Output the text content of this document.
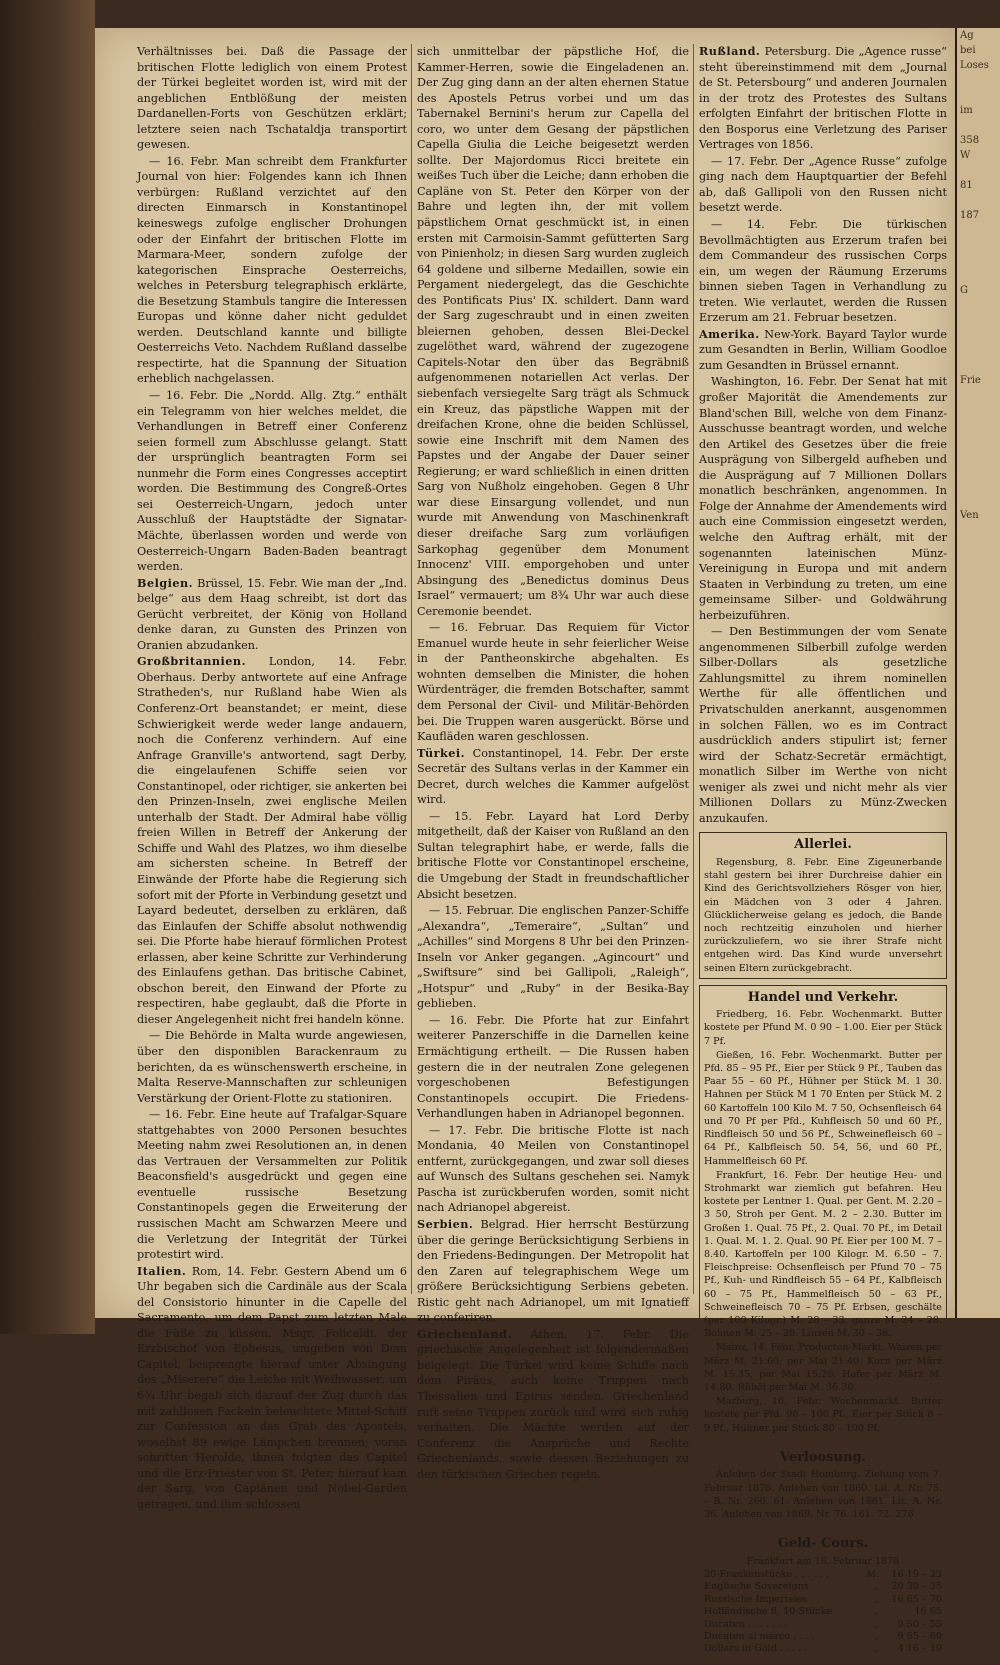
Verhältnisses bei. Daß die Passage der britischen Flotte lediglich von einem Protest der Türkei begleitet worden ist, wird mit der angeblichen Entblößung der meisten Dardanellen-Forts von Geschützen erklärt; letztere seien nach Tschataldja transportirt gewesen.

— 16. Febr. Man schreibt dem Frankfurter Journal von hier: Folgendes kann ich Ihnen verbürgen: Rußland verzichtet auf den directen Einmarsch in Konstantinopel keineswegs zufolge englischer Drohungen oder der Einfahrt der britischen Flotte im Marmara-Meer, sondern zufolge der kategorischen Einsprache Oesterreichs, welches in Petersburg telegraphisch erklärte, die Besetzung Stambuls tangire die Interessen Europas und könne daher nicht geduldet werden. Deutschland kannte und billigte Oesterreichs Veto. Nachdem Rußland dasselbe respectirte, hat die Spannung der Situation erheblich nachgelassen.

— 16. Febr. Die „Nordd. Allg. Ztg.“ enthält ein Telegramm von hier welches meldet, die Verhandlungen in Betreff einer Conferenz seien formell zum Abschlusse gelangt. Statt der ursprünglich beantragten Form sei nunmehr die Form eines Congresses acceptirt worden. Die Bestimmung des Congreß-Ortes sei Oesterreich-Ungarn, jedoch unter Ausschluß der Hauptstädte der Signatar-Mächte, überlassen worden und werde von Oesterreich-Ungarn Baden-Baden beantragt werden.

Belgien. Brüssel, 15. Febr. Wie man der „Ind. belge“ aus dem Haag schreibt, ist dort das Gerücht verbreitet, der König von Holland denke daran, zu Gunsten des Prinzen von Oranien abzudanken.

Großbritannien. London, 14. Febr. Oberhaus. Derby antwortete auf eine Anfrage Stratheden's, nur Rußland habe Wien als Conferenz-Ort beanstandet; er meint, diese Schwierigkeit werde weder lange andauern, noch die Conferenz verhindern. Auf eine Anfrage Granville's antwortend, sagt Derby, die eingelaufenen Schiffe seien vor Constantinopel, oder richtiger, sie ankerten bei den Prinzen-Inseln, zwei englische Meilen unterhalb der Stadt. Der Admiral habe völlig freien Willen in Betreff der Ankerung der Schiffe und Wahl des Platzes, wo ihm dieselbe am sichersten scheine. In Betreff der Einwände der Pforte habe die Regierung sich sofort mit der Pforte in Verbindung gesetzt und Layard bedeutet, derselben zu erklären, daß das Einlaufen der Schiffe absolut nothwendig sei. Die Pforte habe hierauf förmlichen Protest erlassen, aber keine Schritte zur Verhinderung des Einlaufens gethan. Das britische Cabinet, obschon bereit, den Einwand der Pforte zu respectiren, habe geglaubt, daß die Pforte in dieser Angelegenheit nicht frei handeln könne.

— Die Behörde in Malta wurde angewiesen, über den disponiblen Barackenraum zu berichten, da es wünschenswerth erscheine, in Malta Reserve-Mannschaften zur schleunigen Verstärkung der Orient-Flotte zu stationiren.

— 16. Febr. Eine heute auf Trafalgar-Square stattgehabtes von 2000 Personen besuchtes Meeting nahm zwei Resolutionen an, in denen das Vertrauen der Versammelten zur Politik Beaconsfield's ausgedrückt und gegen eine eventuelle russische Besetzung Constantinopels gegen die Erweiterung der russischen Macht am Schwarzen Meere und die Verletzung der Integrität der Türkei protestirt wird.

Italien. Rom, 14. Febr. Gestern Abend um 6 Uhr begaben sich die Cardinäle aus der Scala del Consistorio hinunter in die Capelle del Sacramento, um dem Papst zum letzten Male die Füße zu küssen. Msgr. Folicaldi, der Erzbischof von Ephesus, umgeben von Dom Capitel, besprengte hierauf unter Absingung des „Miserere“ die Leiche mit Weihwasser; um 6¾ Uhr begab sich darauf der Zug durch das mit zahllosen Fackeln beleuchtete Mittel-Schiff zur Confession an das Grab des Apostels, woselbst 89 ewige Lämpchen brennen; voran schritten Herolde, ihnen folgten das Capitel und die Erz-Priester von St. Peter, hierauf kam der Sarg, von Caplänen und Nobel-Garden getragen, und ihm schlossen

sich unmittelbar der päpstliche Hof, die Kammer-Herren, sowie die Eingeladenen an. Der Zug ging dann an der alten ehernen Statue des Apostels Petrus vorbei und um das Tabernakel Bernini's herum zur Capella del coro, wo unter dem Gesang der päpstlichen Capella Giulia die Leiche beigesetzt werden sollte. Der Majordomus Ricci breitete ein weißes Tuch über die Leiche; dann erhoben die Capläne von St. Peter den Körper von der Bahre und legten ihn, der mit vollem päpstlichem Ornat geschmückt ist, in einen ersten mit Carmoisin-Sammt gefütterten Sarg von Pinienholz; in diesen Sarg wurden zugleich 64 goldene und silberne Medaillen, sowie ein Pergament niedergelegt, das die Geschichte des Pontificats Pius' IX. schildert. Dann ward der Sarg zugeschraubt und in einen zweiten bleiernen gehoben, dessen Blei-Deckel zugelöthet ward, während der zugezogene Capitels-Notar den über das Begräbniß aufgenommenen notariellen Act verlas. Der siebenfach versiegelte Sarg trägt als Schmuck ein Kreuz, das päpstliche Wappen mit der dreifachen Krone, ohne die beiden Schlüssel, sowie eine Inschrift mit dem Namen des Papstes und der Angabe der Dauer seiner Regierung; er ward schließlich in einen dritten Sarg von Nußholz eingehoben. Gegen 8 Uhr war diese Einsargung vollendet, und nun wurde mit Anwendung von Maschinenkraft dieser dreifache Sarg zum vorläufigen Sarkophag gegenüber dem Monument Innocenz' VIII. emporgehoben und unter Absingung des „Benedictus dominus Deus Israel“ vermauert; um 8¾ Uhr war auch diese Ceremonie beendet.

— 16. Februar. Das Requiem für Victor Emanuel wurde heute in sehr feierlicher Weise in der Pantheonskirche abgehalten. Es wohnten demselben die Minister, die hohen Würdenträger, die fremden Botschafter, sammt dem Personal der Civil- und Militär-Behörden bei. Die Truppen waren ausgerückt. Börse und Kaufläden waren geschlossen.

Türkei. Constantinopel, 14. Febr. Der erste Secretär des Sultans verlas in der Kammer ein Decret, durch welches die Kammer aufgelöst wird.

— 15. Febr. Layard hat Lord Derby mitgetheilt, daß der Kaiser von Rußland an den Sultan telegraphirt habe, er werde, falls die britische Flotte vor Constantinopel erscheine, die Umgebung der Stadt in freundschaftlicher Absicht besetzen.

— 15. Februar. Die englischen Panzer-Schiffe „Alexandra“, „Temeraire“, „Sultan“ und „Achilles“ sind Morgens 8 Uhr bei den Prinzen-Inseln vor Anker gegangen. „Agincourt“ und „Swiftsure“ sind bei Gallipoli, „Raleigh“, „Hotspur“ und „Ruby“ in der Besika-Bay geblieben.

— 16. Febr. Die Pforte hat zur Einfahrt weiterer Panzerschiffe in die Darnellen keine Ermächtigung ertheilt. — Die Russen haben gestern die in der neutralen Zone gelegenen vorgeschobenen Befestigungen Constantinopels occupirt. Die Friedens-Verhandlungen haben in Adrianopel begonnen.

— 17. Febr. Die britische Flotte ist nach Mondania, 40 Meilen von Constantinopel entfernt, zurückgegangen, und zwar soll dieses auf Wunsch des Sultans geschehen sei. Namyk Pascha ist zurückberufen worden, somit nicht nach Adrianopel abgereist.

Serbien. Belgrad. Hier herrscht Bestürzung über die geringe Berücksichtigung Serbiens in den Friedens-Bedingungen. Der Metropolit hat den Zaren auf telegraphischem Wege um größere Berücksichtigung Serbiens gebeten. Ristic geht nach Adrianopel, um mit Ignatieff zu conferiren.

Griechenland. Athen, 17. Febr. Die griechische Angelegenheit ist folgendermaßen beigelegt: Die Türkei wird keine Schiffe nach dem Piräus, auch keine Truppen nach Thessalien und Epirus senden. Griechenland ruft seine Truppen zurück und wird sich ruhig verhalten. Die Mächte werden auf der Conferenz die Ansprüche und Rechte Griechenlands, sowie dessen Beziehungen zu den türkischen Griechen regeln.

Rußland. Petersburg. Die „Agence russe“ steht übereinstimmend mit dem „Journal de St. Petersbourg“ und anderen Journalen in der trotz des Protestes des Sultans erfolgten Einfahrt der britischen Flotte in den Bosporus eine Verletzung des Pariser Vertrages von 1856.

— 17. Febr. Der „Agence Russe“ zufolge ging nach dem Hauptquartier der Befehl ab, daß Gallipoli von den Russen nicht besetzt werde.

— 14. Febr. Die türkischen Bevollmächtigten aus Erzerum trafen bei dem Commandeur des russischen Corps ein, um wegen der Räumung Erzerums binnen sieben Tagen in Verhandlung zu treten. Wie verlautet, werden die Russen Erzerum am 21. Februar besetzen.

Amerika. New-York. Bayard Taylor wurde zum Gesandten in Berlin, William Goodloe zum Gesandten in Brüssel ernannt.

Washington, 16. Febr. Der Senat hat mit großer Majorität die Amendements zur Bland'schen Bill, welche von dem Finanz-Ausschusse beantragt worden, und welche den Artikel des Gesetzes über die freie Ausprägung von Silbergeld aufheben und die Ausprägung auf 7 Millionen Dollars monatlich beschränken, angenommen. In Folge der Annahme der Amendements wird auch eine Commission eingesetzt werden, welche den Auftrag erhält, mit der sogenannten lateinischen Münz-Vereinigung in Europa und mit andern Staaten in Verbindung zu treten, um eine gemeinsame Silber- und Goldwährung herbeizuführen.

— Den Bestimmungen der vom Senate angenommenen Silberbill zufolge werden Silber-Dollars als gesetzliche Zahlungsmittel zu ihrem nominellen Werthe für alle öffentlichen und Privatschulden anerkannt, ausgenommen in solchen Fällen, wo es im Contract ausdrücklich anders stipulirt ist; ferner wird der Schatz-Secretär ermächtigt, monatlich Silber im Werthe von nicht weniger als zwei und nicht mehr als vier Millionen Dollars zu Münz-Zwecken anzukaufen.

Allerlei.

Regensburg, 8. Febr. Eine Zigeunerbande stahl gestern bei ihrer Durchreise dahier ein Kind des Gerichtsvollziehers Rösger von hier, ein Mädchen von 3 oder 4 Jahren. Glücklicherweise gelang es jedoch, die Bande noch rechtzeitig einzuholen und hierher zurückzuliefern, wo sie ihrer Strafe nicht entgehen wird. Das Kind wurde unversehrt seinen Eltern zurückgebracht.

Handel und Verkehr.

Friedberg, 16. Febr. Wochenmarkt. Butter kostete per Pfund M. 0 90 – 1.00. Eier per Stück 7 Pf.

Gießen, 16. Febr. Wochenmarkt. Butter per Pfd. 85 – 95 Pf., Eier per Stück 9 Pf., Tauben das Paar 55 – 60 Pf., Hühner per Stück M. 1 30. Hahnen per Stück M 1 70 Enten per Stück M. 2 60 Kartoffeln 100 Kilo M. 7 50, Ochsenfleisch 64 und 70 Pf per Pfd., Kuhfleisch 50 und 60 Pf., Rindfleisch 50 und 56 Pf., Schweinefleisch 60 – 64 Pf., Kalbfleisch 50. 54, 56, und 60 Pf., Hammelfleisch 60 Pf.

Frankfurt, 16. Febr. Der heutige Heu- und Strohmarkt war ziemlich gut befahren. Heu kostete per Lentner 1. Qual. per Gent. M. 2.20 – 3 50, Stroh per Gent. M. 2 – 2.30. Butter im Großen 1. Qual. 75 Pf., 2. Qual. 70 Pf., im Detail 1. Qual. M. 1. 2. Qual. 90 Pf. Eier per 100 M. 7 – 8.40. Kartoffeln per 100 Kilogr. M. 6.50 – 7. Fleischpreise: Ochsenfleisch per Pfund 70 – 75 Pf., Kuh- und Rindfleisch 55 – 64 Pf., Kalbfleisch 60 – 75 Pf., Hammelfleisch 50 – 63 Pf., Schweinefleisch 70 – 75 Pf. Erbsen, geschälte (per 100 Kilogr.) M. 28 – 33, ganze M. 24 – 28. Bohnen M. 25 – 28. Linsen M. 30 – 38.

Mainz, 14. Febr. Producten-Markt. Waizen per März M. 21.60, per Mai 21.40. Korn per März M. 15.35, per Mai 15.20. Hafer per März M. 14.80. Rüböl per Mai M. 36.30.

Marburg, 16. Febr. Wochenmarkt. Butter kostete per Pfd. 90 – 100 Pf., Eier per Stück 8 – 9 Pf., Hühner per Stück 80 – 100 Pf.

Verloosung.

Anlehen der Stadt Homburg. Ziehung vom 7. Februar 1878. Anlehen von 1860. Lit. A. Nr. 75. – B. Nr. 260. 61. Anlehen von 1861. Lit. A. Nr. 36. Anlehen von 1869. Nr. 76. 161. 72. 276.

Geld- Cours.

Frankfurt am 16. Februar 1878

20-Frankenstücke . . . . . .	M.	16 19 – 23
Englische Sovereigns	„	20 30 – 35
Russische Imperiales	„	16 65 – 70
Holländische fl. 10-Stücke	„	16 65
Ducaten . . . . . . .	„	9 50 – 55
Ducaten al marco . . . .	„	9 55 – 60
Dollars in Gold . . . . .	„	4 16 – 19
Ag
bei
Loses

im

358
W

81

187

G

Frie

Ven
